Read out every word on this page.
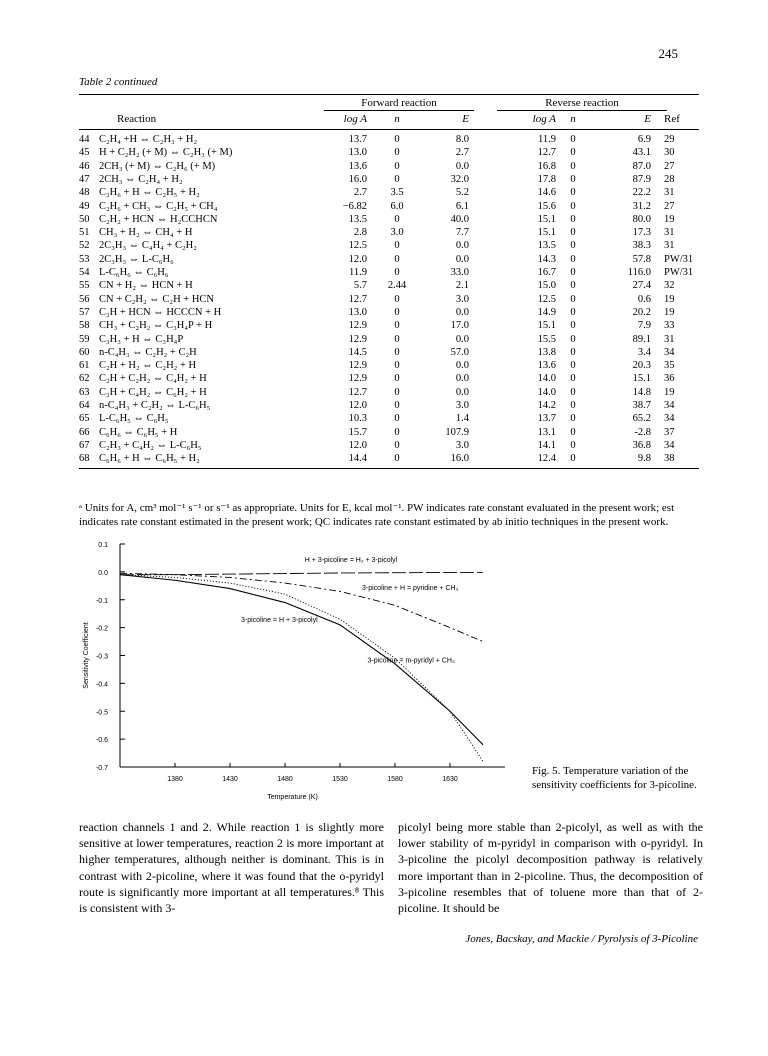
245
Table 2 continued
Forward reaction	Reverse reaction
Reaction	log A	n	E	log A	n	E Ref
44 C₂H₄ +H ⇔ C₂H₃ + H₂	13.7	0	8.0	11.9	0	6.9 29
45 H + C₂H₂ (+ M) ⇔ C₂H₃ (+ M)	13.0	0	2.7	12.7	0	43.1 30
46 2CH₃ (+ M) ⇔ C₂H₆ (+ M)	13.6	0	0.0	16.8	0	87.0 27
47 2CH₃ ⇔ C₂H₄ + H₂	16.0	0	32.0	17.8	0	87.9 28
48 C₂H₆ + H ⇔ C₂H₅ + H₂	2.7	3.5	5.2	14.6	0	22.2 31
49 C₂H₆ + CH₃ ⇔ C₂H₅ + CH₄	−6.82	6.0	6.1	15.6	0	31.2 27
50 C₂H₂ + HCN ⇔ H₂CCHCN	13.5	0	40.0	15.1	0	80.0 19
51 CH₃ + H₂ ⇔ CH₄ + H	2.8	3.0	7.7	15.1	0	17.3 31
52 2C₃H₃ ⇔ C₄H₄ + C₂H₂	12.5	0	0.0	13.5	0	38.3 31
53 2C₃H₃ ⇔ L-C₆H₆	12.0	0	0.0	14.3	0	57.8 PW/31
54 L-C₆H₆ ⇔ C₆H₆	11.9	0	33.0	16.7	0	116.0 PW/31
55 CN + H₂ ⇔ HCN + H	5.7	2.44	2.1	15.0	0	27.4 32
56 CN + C₂H₂ ⇔ C₂H + HCN	12.7	0	3.0	12.5	0	0.6 19
57 C₂H + HCN ⇔ HCCCN + H	13.0	0	0.0	14.9	0	20.2 19
58 CH₃ + C₂H₂ ⇔ C₃H₄P + H	12.9	0	17.0	15.1	0	7.9 33
59 C₃H₃ + H ⇔ C₃H₄P	12.9	0	0.0	15.5	0	89.1 31
60 n-C₄H₃ ⇔ C₂H₂ + C₂H	14.5	0	57.0	13.8	0	3.4 34
61 C₂H + H₂ ⇔ C₂H₂ + H	12.9	0	0.0	13.6	0	20.3 35
62 C₂H + C₂H₂ ⇔ C₄H₂ + H	12.9	0	0.0	14.0	0	15.1 36
63 C₂H + C₄H₂ ⇔ C₆H₂ + H	12.7	0	0.0	14.0	0	14.8 19
64 n-C₄H₃ + C₂H₂ ⇔ L-C₆H₅	12.0	0	3.0	14.2	0	38.7 34
65 L-C₆H₅ ⇔ C₆H₅	10.3	0	1.4	13.7	0	65.2 34
66 C₆H₆ ⇔ C₆H₅ + H	15.7	0	107.9	13.1	0	-2.8 37
67 C₂H₃ + C₄H₂ ⇔ L-C₆H₅	12.0	0	3.0	14.1	0	36.8 34
68 C₆H₆ + H ⇔ C₆H₅ + H₂	14.4	0	16.0	12.4	0	9.8 38
ᵃ Units for A, cm³ mol⁻¹ s⁻¹ or s⁻¹ as appropriate. Units for E, kcal mol⁻¹. PW indicates rate constant evaluated in the present work; est indicates rate constant estimated in the present work; QC indicates rate constant estimated by ab initio techniques in the present work.
0.1
0.0
-0.1
-0.2
-0.3
-0.4
-0.5
-0.6
-0.7
1380	1430	1480	1530	1580	1630
Temperature (K)
Sensitivity Coefficient
H + 3-picoline = H₂ + 3-picolyl
3-picoline + H = pyridine + CH₃
3-picoline = H + 3-picolyl
3-picoline = m-pyridyl + CH₃
Fig. 5. Temperature variation of the sensitivity coefficients for 3-picoline.
reaction channels 1 and 2. While reaction 1 is slightly more sensitive at lower temperatures, reaction 2 is more important at higher temperatures, although neither is dominant. This is in contrast with 2-picoline, where it was found that the o-pyridyl route is significantly more important at all temperatures.⁸ This is consistent with 3-
picolyl being more stable than 2-picolyl, as well as with the lower stability of m-pyridyl in comparison with o-pyridyl. In 3-picoline the picolyl decomposition pathway is relatively more important than in 2-picoline. Thus, the decomposition of 3-picoline resembles that of toluene more than that of 2-picoline. It should be
Jones, Bacskay, and Mackie / Pyrolysis of 3-Picoline
